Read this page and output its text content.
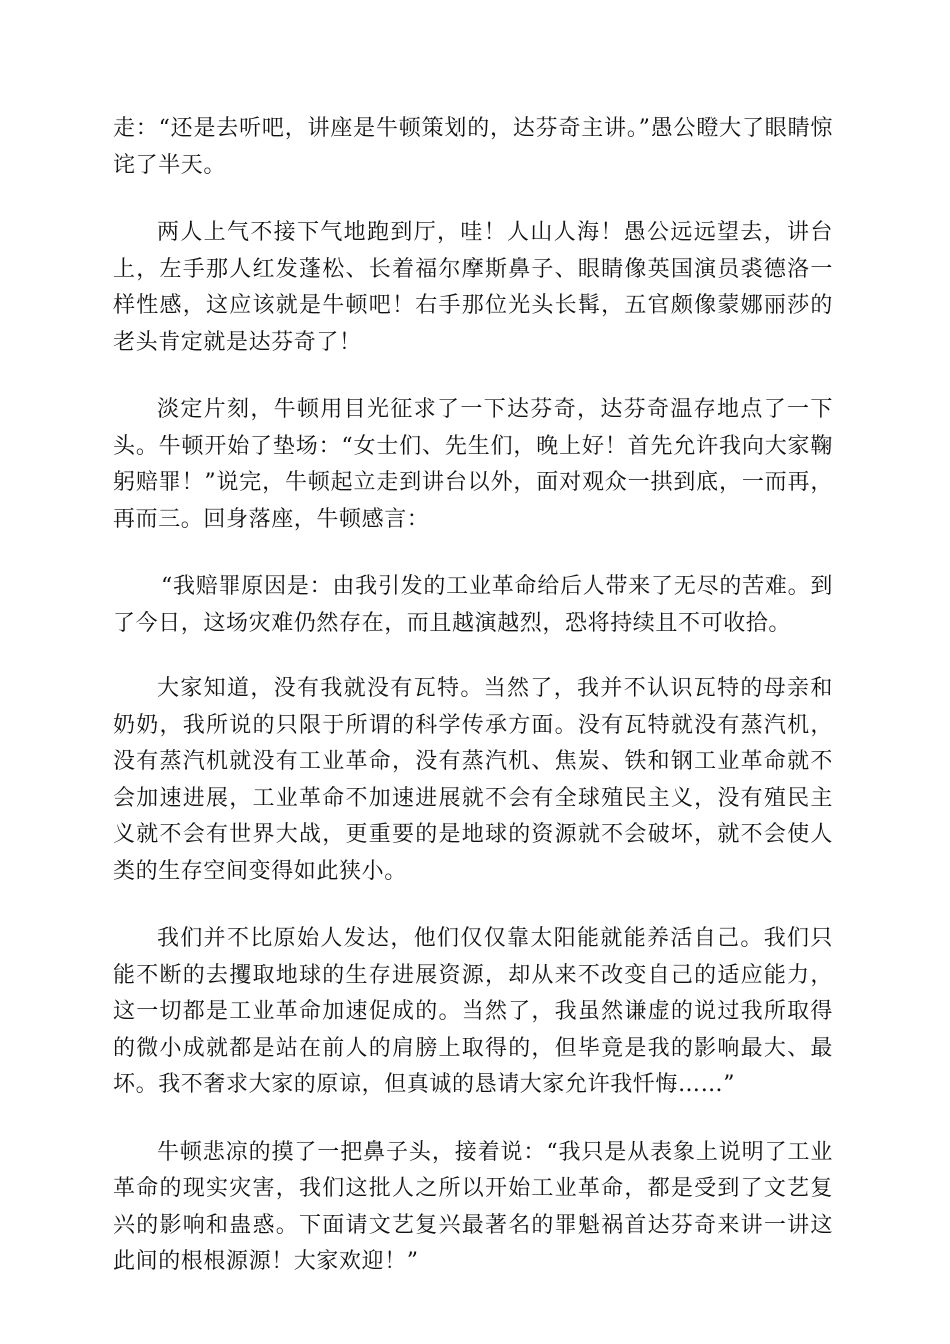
走：“还是去听吧，讲座是牛顿策划的，达芬奇主讲。”愚公瞪大了眼睛惊诧了半天。

两人上气不接下气地跑到厅，哇！人山人海！愚公远远望去，讲台上，左手那人红发蓬松、长着福尔摩斯鼻子、眼睛像英国演员裘德洛一样性感，这应该就是牛顿吧！右手那位光头长髯，五官颇像蒙娜丽莎的老头肯定就是达芬奇了！

淡定片刻，牛顿用目光征求了一下达芬奇，达芬奇温存地点了一下头。牛顿开始了垫场：“女士们、先生们，晚上好！首先允许我向大家鞠躬赔罪！”说完，牛顿起立走到讲台以外，面对观众一拱到底，一而再，再而三。回身落座，牛顿感言：

“我赔罪原因是：由我引发的工业革命给后人带来了无尽的苦难。到了今日，这场灾难仍然存在，而且越演越烈，恐将持续且不可收拾。

大家知道，没有我就没有瓦特。当然了，我并不认识瓦特的母亲和奶奶，我所说的只限于所谓的科学传承方面。没有瓦特就没有蒸汽机，没有蒸汽机就没有工业革命，没有蒸汽机、焦炭、铁和钢工业革命就不会加速进展，工业革命不加速进展就不会有全球殖民主义，没有殖民主义就不会有世界大战，更重要的是地球的资源就不会破坏，就不会使人类的生存空间变得如此狭小。

我们并不比原始人发达，他们仅仅靠太阳能就能养活自己。我们只能不断的去攫取地球的生存进展资源，却从来不改变自己的适应能力，这一切都是工业革命加速促成的。当然了，我虽然谦虚的说过我所取得的微小成就都是站在前人的肩膀上取得的，但毕竟是我的影响最大、最坏。我不奢求大家的原谅，但真诚的恳请大家允许我忏悔……”

牛顿悲凉的摸了一把鼻子头，接着说：“我只是从表象上说明了工业革命的现实灾害，我们这批人之所以开始工业革命，都是受到了文艺复兴的影响和蛊惑。下面请文艺复兴最著名的罪魁祸首达芬奇来讲一讲这此间的根根源源！大家欢迎！”
